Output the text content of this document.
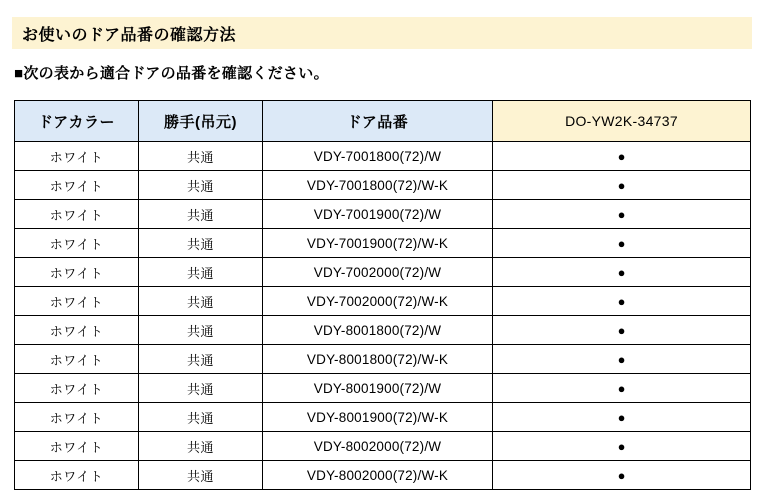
お使いのドア品番の確認方法
■次の表から適合ドアの品番を確認ください。
ドアカラー	勝手(吊元)	ドア品番	DO-YW2K-34737
ホワイト	共通	VDY-7001800(72)/W	●
ホワイト	共通	VDY-7001800(72)/W-K	●
ホワイト	共通	VDY-7001900(72)/W	●
ホワイト	共通	VDY-7001900(72)/W-K	●
ホワイト	共通	VDY-7002000(72)/W	●
ホワイト	共通	VDY-7002000(72)/W-K	●
ホワイト	共通	VDY-8001800(72)/W	●
ホワイト	共通	VDY-8001800(72)/W-K	●
ホワイト	共通	VDY-8001900(72)/W	●
ホワイト	共通	VDY-8001900(72)/W-K	●
ホワイト	共通	VDY-8002000(72)/W	●
ホワイト	共通	VDY-8002000(72)/W-K	●
